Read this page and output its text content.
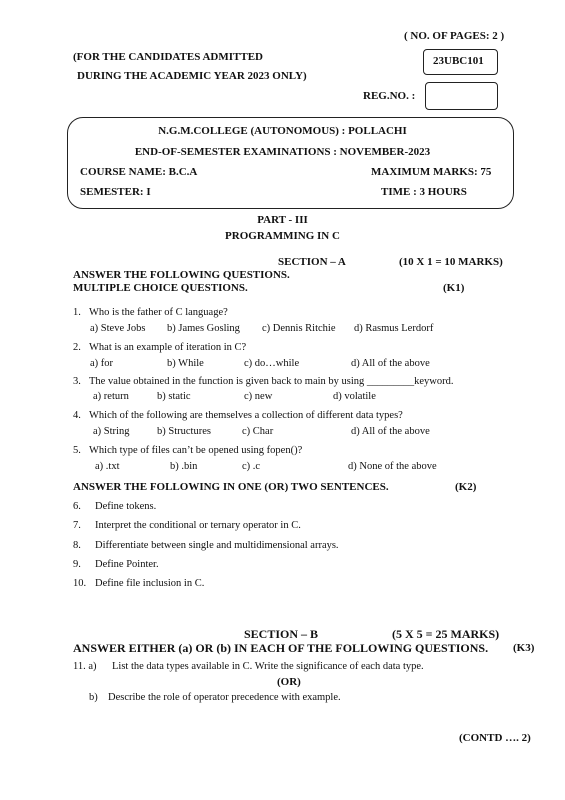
( NO. OF PAGES: 2 )
(FOR THE CANDIDATES ADMITTED
DURING THE ACADEMIC YEAR 2023 ONLY)
23UBC101
REG.NO. :
N.G.M.COLLEGE (AUTONOMOUS) : POLLACHI
END-OF-SEMESTER EXAMINATIONS : NOVEMBER-2023
COURSE NAME: B.C.A	MAXIMUM MARKS: 75
SEMESTER: I	TIME : 3 HOURS
PART - III
PROGRAMMING IN C
SECTION – A	(10 X 1 = 10 MARKS)
ANSWER THE FOLLOWING QUESTIONS.
MULTIPLE CHOICE QUESTIONS.	(K1)
1. Who is the father of C language?
a) Steve Jobs b) James Gosling c) Dennis Ritchie d) Rasmus Lerdorf
2. What is an example of iteration in C?
a) for	b) While	c) do…while	d) All of the above
3. The value obtained in the function is given back to main by using _________keyword.
a) return	b) static	c) new	d) volatile
4. Which of the following are themselves a collection of different data types?
a) String	b) Structures	c) Char	d) All of the above
5. Which type of files can’t be opened using fopen()?
a) .txt	b) .bin	c) .c	d) None of the above
ANSWER THE FOLLOWING IN ONE (OR) TWO SENTENCES.	(K2)
6. Define tokens.
7. Interpret the conditional or ternary operator in C.
8. Differentiate between single and multidimensional arrays.
9. Define Pointer.
10. Define file inclusion in C.
SECTION – B	(5 X 5 = 25 MARKS)
ANSWER EITHER (a) OR (b) IN EACH OF THE FOLLOWING QUESTIONS. (K3)
11. a) List the data types available in C. Write the significance of each data type.
(OR)
b) Describe the role of operator precedence with example.
(CONTD …. 2)
